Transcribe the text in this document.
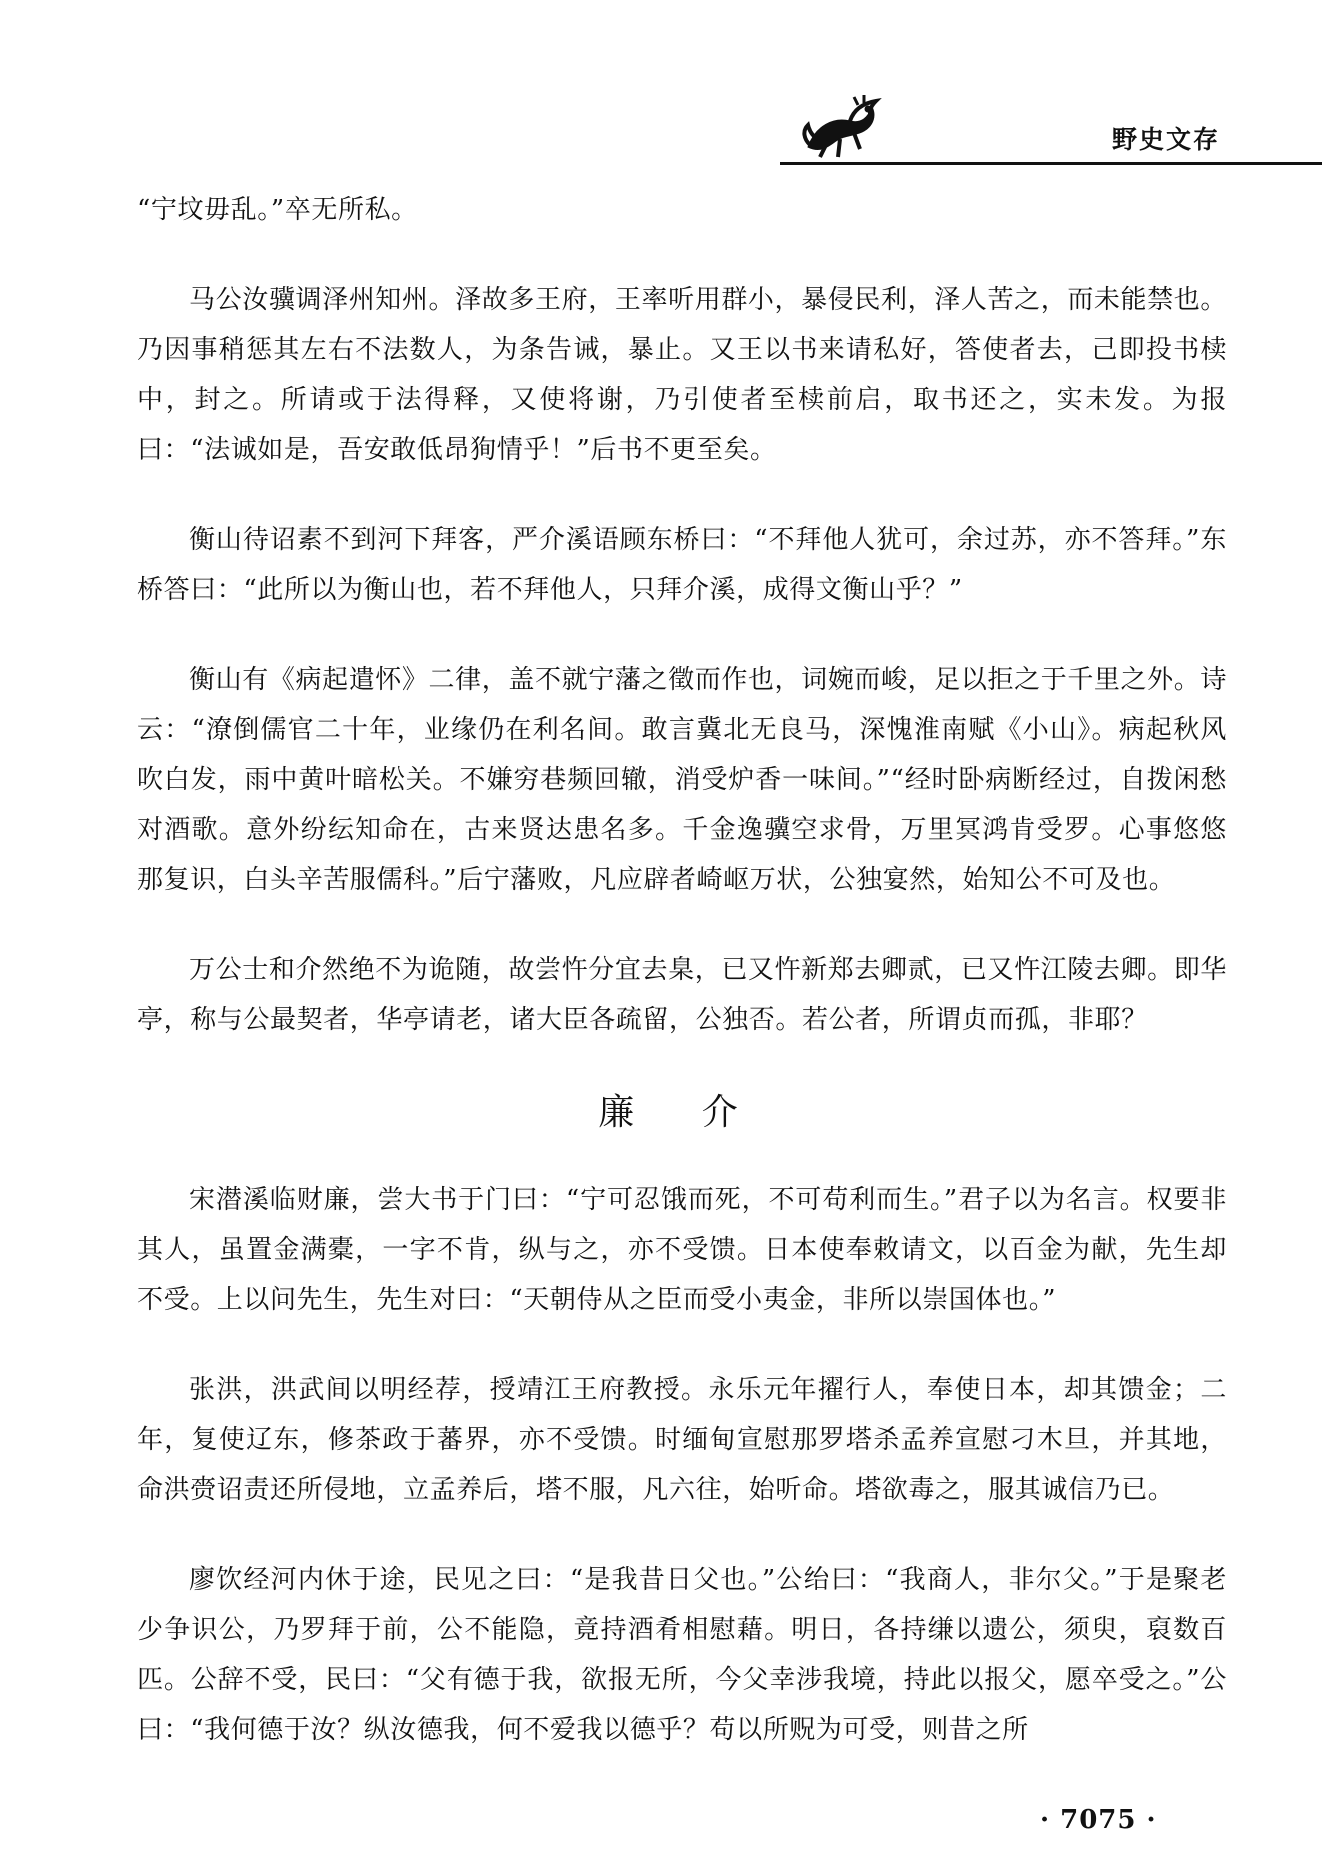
野史文存

“宁坟毋乱。”卒无所私。

马公汝骥调泽州知州。泽故多王府，王率听用群小，暴侵民利，泽人苦之，而未能禁也。乃因事稍惩其左右不法数人，为条告诫，暴止。又王以书来请私好，答使者去，己即投书椟中，封之。所请或于法得释，又使将谢，乃引使者至椟前启，取书还之，实未发。为报曰：“法诚如是，吾安敢低昂狥情乎！”后书不更至矣。

衡山待诏素不到河下拜客，严介溪语顾东桥曰：“不拜他人犹可，余过苏，亦不答拜。”东桥答曰：“此所以为衡山也，若不拜他人，只拜介溪，成得文衡山乎？”

衡山有《病起遣怀》二律，盖不就宁藩之徵而作也，词婉而峻，足以拒之于千里之外。诗云：“潦倒儒官二十年，业缘仍在利名间。敢言冀北无良马，深愧淮南赋《小山》。病起秋风吹白发，雨中黄叶暗松关。不嫌穷巷频回辙，消受炉香一味间。”“经时卧病断经过，自拨闲愁对酒歌。意外纷纭知命在，古来贤达患名多。千金逸骥空求骨，万里冥鸿肯受罗。心事悠悠那复识，白头辛苦服儒科。”后宁藩败，凡应辟者崎岖万状，公独宴然，始知公不可及也。

万公士和介然绝不为诡随，故尝忤分宜去臬，已又忤新郑去卿贰，已又忤江陵去卿。即华亭，称与公最契者，华亭请老，诸大臣各疏留，公独否。若公者，所谓贞而孤，非耶？

廉 介

宋潜溪临财廉，尝大书于门曰：“宁可忍饿而死，不可苟利而生。”君子以为名言。权要非其人，虽置金满橐，一字不肯，纵与之，亦不受馈。日本使奉敕请文，以百金为献，先生却不受。上以问先生，先生对曰：“天朝侍从之臣而受小夷金，非所以崇国体也。”

张洪，洪武间以明经荐，授靖江王府教授。永乐元年擢行人，奉使日本，却其馈金；二年，复使辽东，修茶政于蕃界，亦不受馈。时缅甸宣慰那罗塔杀孟养宣慰刁木旦，并其地，命洪赍诏责还所侵地，立孟养后，塔不服，凡六往，始听命。塔欲毒之，服其诚信乃已。

廖饮经河内休于途，民见之曰：“是我昔日父也。”公绐曰：“我商人，非尔父。”于是聚老少争识公，乃罗拜于前，公不能隐，竟持酒肴相慰藉。明日，各持缣以遗公，须臾，裒数百匹。公辞不受，民曰：“父有德于我，欲报无所，今父幸涉我境，持此以报父，愿卒受之。”公曰：“我何德于汝？纵汝德我，何不爱我以德乎？苟以所贶为可受，则昔之所

· 7075 ·
